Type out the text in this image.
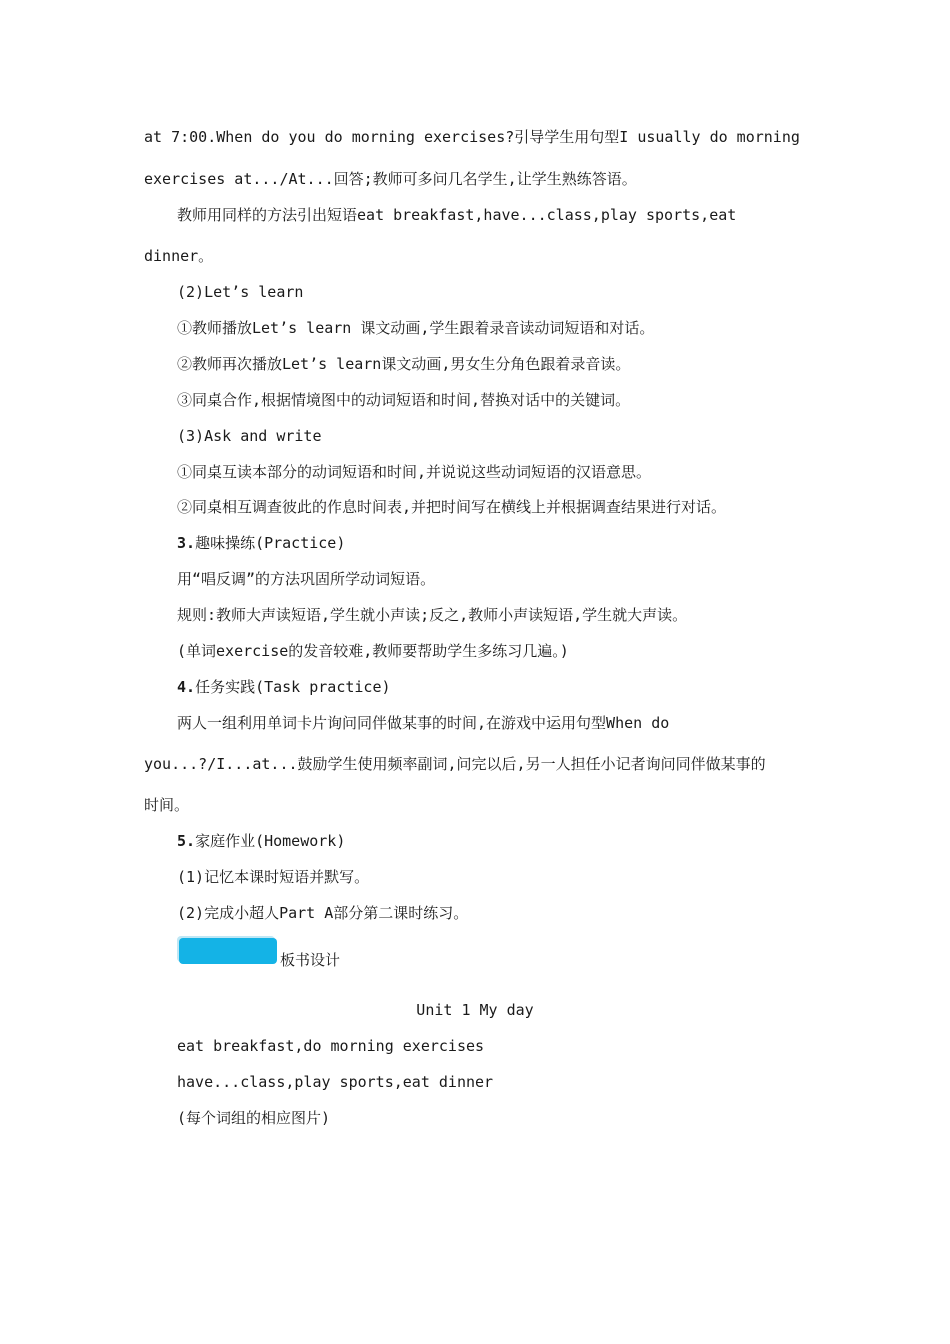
at 7:00.When do you do morning exercises?引导学生用句型I usually do morning
exercises at.../At...回答;教师可多问几名学生,让学生熟练答语。
教师用同样的方法引出短语eat breakfast,have...class,play sports,eat
dinner。
(2)Let’s learn
①教师播放Let’s learn 课文动画,学生跟着录音读动词短语和对话。
②教师再次播放Let’s learn课文动画,男女生分角色跟着录音读。
③同桌合作,根据情境图中的动词短语和时间,替换对话中的关键词。
(3)Ask and write
①同桌互读本部分的动词短语和时间,并说说这些动词短语的汉语意思。
②同桌相互调查彼此的作息时间表,并把时间写在横线上并根据调查结果进行对话。
3.趣味操练(Practice)
用“唱反调”的方法巩固所学动词短语。
规则:教师大声读短语,学生就小声读;反之,教师小声读短语,学生就大声读。
(单词exercise的发音较难,教师要帮助学生多练习几遍。)
4.任务实践(Task practice)
两人一组利用单词卡片询问同伴做某事的时间,在游戏中运用句型When do
you...?/I...at...鼓励学生使用频率副词,问完以后,另一人担任小记者询问同伴做某事的
时间。
5.家庭作业(Homework)
(1)记忆本课时短语并默写。
(2)完成小超人Part A部分第二课时练习。
板书设计
Unit 1 My day
eat breakfast,do morning exercises
have...class,play sports,eat dinner
(每个词组的相应图片)
